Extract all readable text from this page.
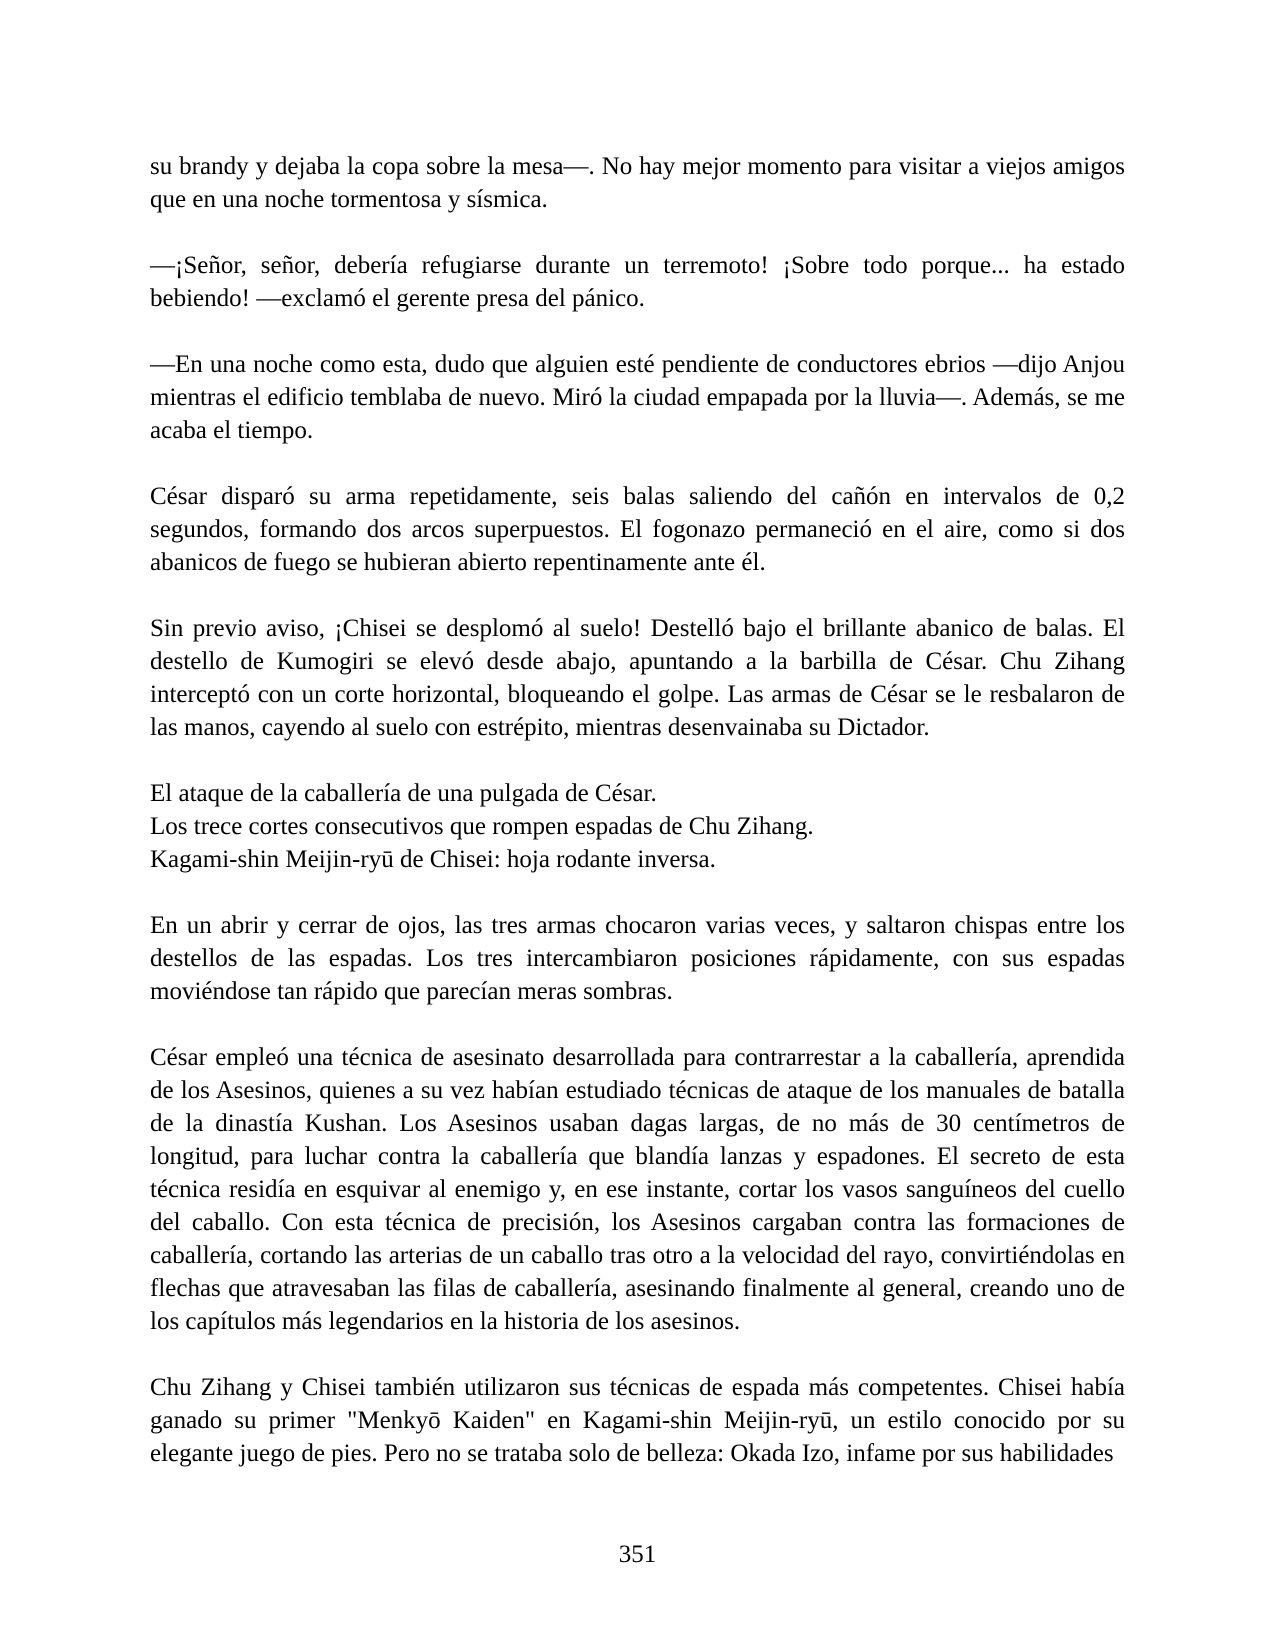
su brandy y dejaba la copa sobre la mesa—. No hay mejor momento para visitar a viejos amigos que en una noche tormentosa y sísmica.

—¡Señor, señor, debería refugiarse durante un terremoto! ¡Sobre todo porque... ha estado bebiendo! —exclamó el gerente presa del pánico.

—En una noche como esta, dudo que alguien esté pendiente de conductores ebrios —dijo Anjou mientras el edificio temblaba de nuevo. Miró la ciudad empapada por la lluvia—. Además, se me acaba el tiempo.

César disparó su arma repetidamente, seis balas saliendo del cañón en intervalos de 0,2 segundos, formando dos arcos superpuestos. El fogonazo permaneció en el aire, como si dos abanicos de fuego se hubieran abierto repentinamente ante él.

Sin previo aviso, ¡Chisei se desplomó al suelo! Destelló bajo el brillante abanico de balas. El destello de Kumogiri se elevó desde abajo, apuntando a la barbilla de César. Chu Zihang interceptó con un corte horizontal, bloqueando el golpe. Las armas de César se le resbalaron de las manos, cayendo al suelo con estrépito, mientras desenvainaba su Dictador.

El ataque de la caballería de una pulgada de César.

Los trece cortes consecutivos que rompen espadas de Chu Zihang.

Kagami-shin Meijin-ryū de Chisei: hoja rodante inversa.

En un abrir y cerrar de ojos, las tres armas chocaron varias veces, y saltaron chispas entre los destellos de las espadas. Los tres intercambiaron posiciones rápidamente, con sus espadas moviéndose tan rápido que parecían meras sombras.

César empleó una técnica de asesinato desarrollada para contrarrestar a la caballería, aprendida de los Asesinos, quienes a su vez habían estudiado técnicas de ataque de los manuales de batalla de la dinastía Kushan. Los Asesinos usaban dagas largas, de no más de 30 centímetros de longitud, para luchar contra la caballería que blandía lanzas y espadones. El secreto de esta técnica residía en esquivar al enemigo y, en ese instante, cortar los vasos sanguíneos del cuello del caballo. Con esta técnica de precisión, los Asesinos cargaban contra las formaciones de caballería, cortando las arterias de un caballo tras otro a la velocidad del rayo, convirtiéndolas en flechas que atravesaban las filas de caballería, asesinando finalmente al general, creando uno de los capítulos más legendarios en la historia de los asesinos.

Chu Zihang y Chisei también utilizaron sus técnicas de espada más competentes. Chisei había ganado su primer "Menkyō Kaiden" en Kagami-shin Meijin-ryū, un estilo conocido por su elegante juego de pies. Pero no se trataba solo de belleza: Okada Izo, infame por sus habilidades

351
